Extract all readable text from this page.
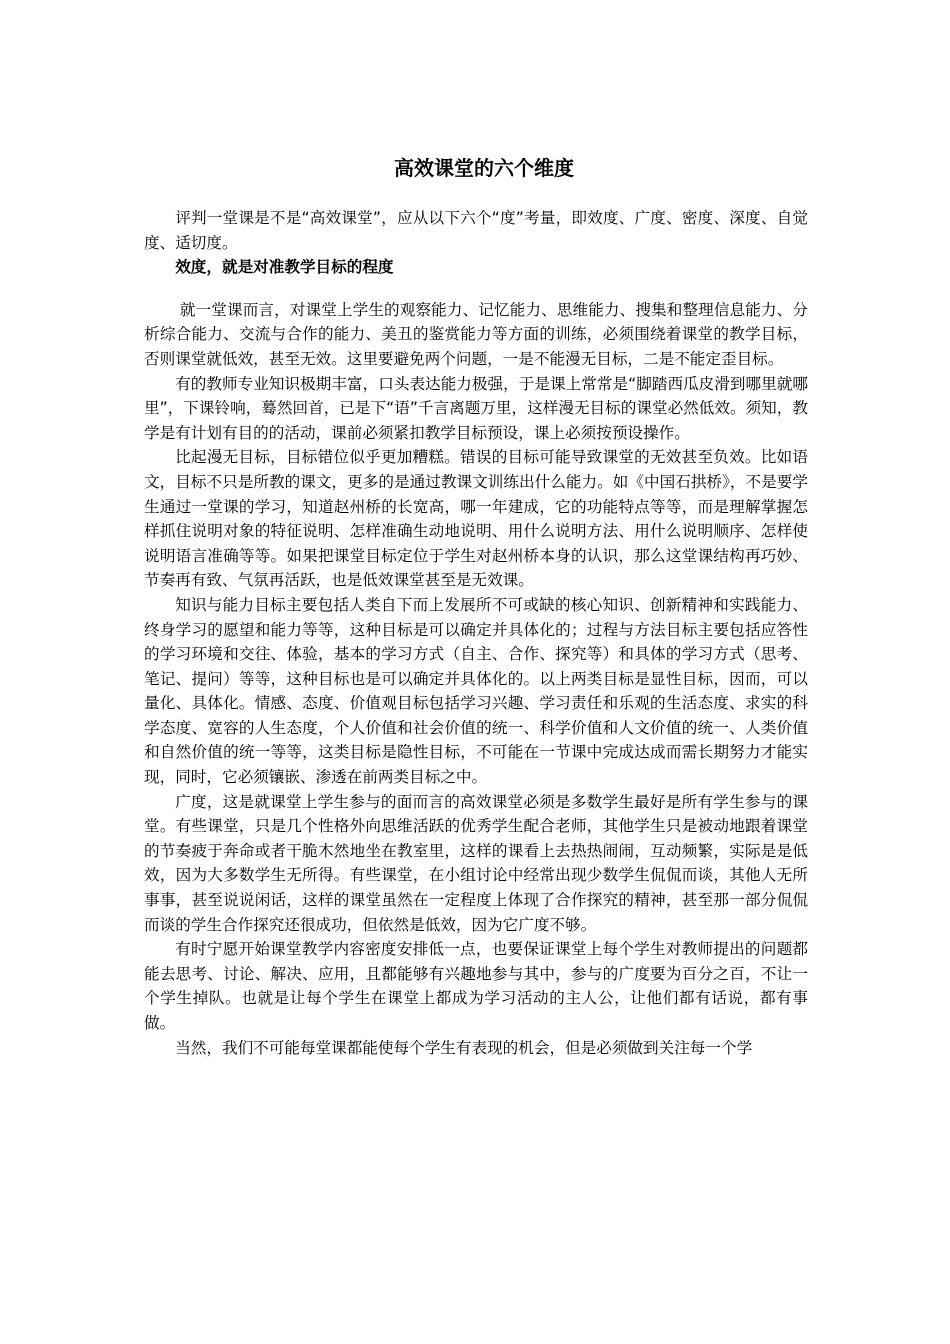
高效课堂的六个维度

评判一堂课是不是“高效课堂”，应从以下六个“度”考量，即效度、广度、密度、深度、自觉度、适切度。

效度，就是对准教学目标的程度

就一堂课而言，对课堂上学生的观察能力、记忆能力、思维能力、搜集和整理信息能力、分析综合能力、交流与合作的能力、美丑的鉴赏能力等方面的训练，必须围绕着课堂的教学目标，否则课堂就低效，甚至无效。这里要避免两个问题，一是不能漫无目标，二是不能定歪目标。

有的教师专业知识极期丰富，口头表达能力极强，于是课上常常是“脚踏西瓜皮滑到哪里就哪里”，下课铃响，蓦然回首，已是下“语”千言离题万里，这样漫无目标的课堂必然低效。须知，教学是有计划有目的的活动，课前必须紧扣教学目标预设，课上必须按预设操作。

比起漫无目标，目标错位似乎更加糟糕。错误的目标可能导致课堂的无效甚至负效。比如语文，目标不只是所教的课文，更多的是通过教课文训练出什么能力。如《中国石拱桥》，不是要学生通过一堂课的学习，知道赵州桥的长宽高，哪一年建成，它的功能特点等等，而是理解掌握怎样抓住说明对象的特征说明、怎样准确生动地说明、用什么说明方法、用什么说明顺序、怎样使说明语言准确等等。如果把课堂目标定位于学生对赵州桥本身的认识，那么这堂课结构再巧妙、节奏再有致、气氛再活跃，也是低效课堂甚至是无效课。

知识与能力目标主要包括人类自下而上发展所不可或缺的核心知识、创新精神和实践能力、终身学习的愿望和能力等等，这种目标是可以确定并具体化的；过程与方法目标主要包括应答性的学习环境和交往、体验，基本的学习方式（自主、合作、探究等）和具体的学习方式（思考、笔记、提问）等等，这种目标也是可以确定并具体化的。以上两类目标是显性目标，因而，可以量化、具体化。情感、态度、价值观目标包括学习兴趣、学习责任和乐观的生活态度、求实的科学态度、宽容的人生态度，个人价值和社会价值的统一、科学价值和人文价值的统一、人类价值和自然价值的统一等等，这类目标是隐性目标，不可能在一节课中完成达成而需长期努力才能实现，同时，它必须镶嵌、渗透在前两类目标之中。

广度，这是就课堂上学生参与的面而言的高效课堂必须是多数学生最好是所有学生参与的课堂。有些课堂，只是几个性格外向思维活跃的优秀学生配合老师，其他学生只是被动地跟着课堂的节奏疲于奔命或者干脆木然地坐在教室里，这样的课看上去热热闹闹，互动频繁，实际是是低效，因为大多数学生无所得。有些课堂，在小组讨论中经常出现少数学生侃侃而谈，其他人无所事事，甚至说说闲话，这样的课堂虽然在一定程度上体现了合作探究的精神，甚至那一部分侃侃而谈的学生合作探究还很成功，但依然是低效，因为它广度不够。

有时宁愿开始课堂教学内容密度安排低一点，也要保证课堂上每个学生对教师提出的问题都能去思考、讨论、解决、应用，且都能够有兴趣地参与其中，参与的广度要为百分之百，不让一个学生掉队。也就是让每个学生在课堂上都成为学习活动的主人公，让他们都有话说，都有事做。

当然，我们不可能每堂课都能使每个学生有表现的机会，但是必须做到关注每一个学
